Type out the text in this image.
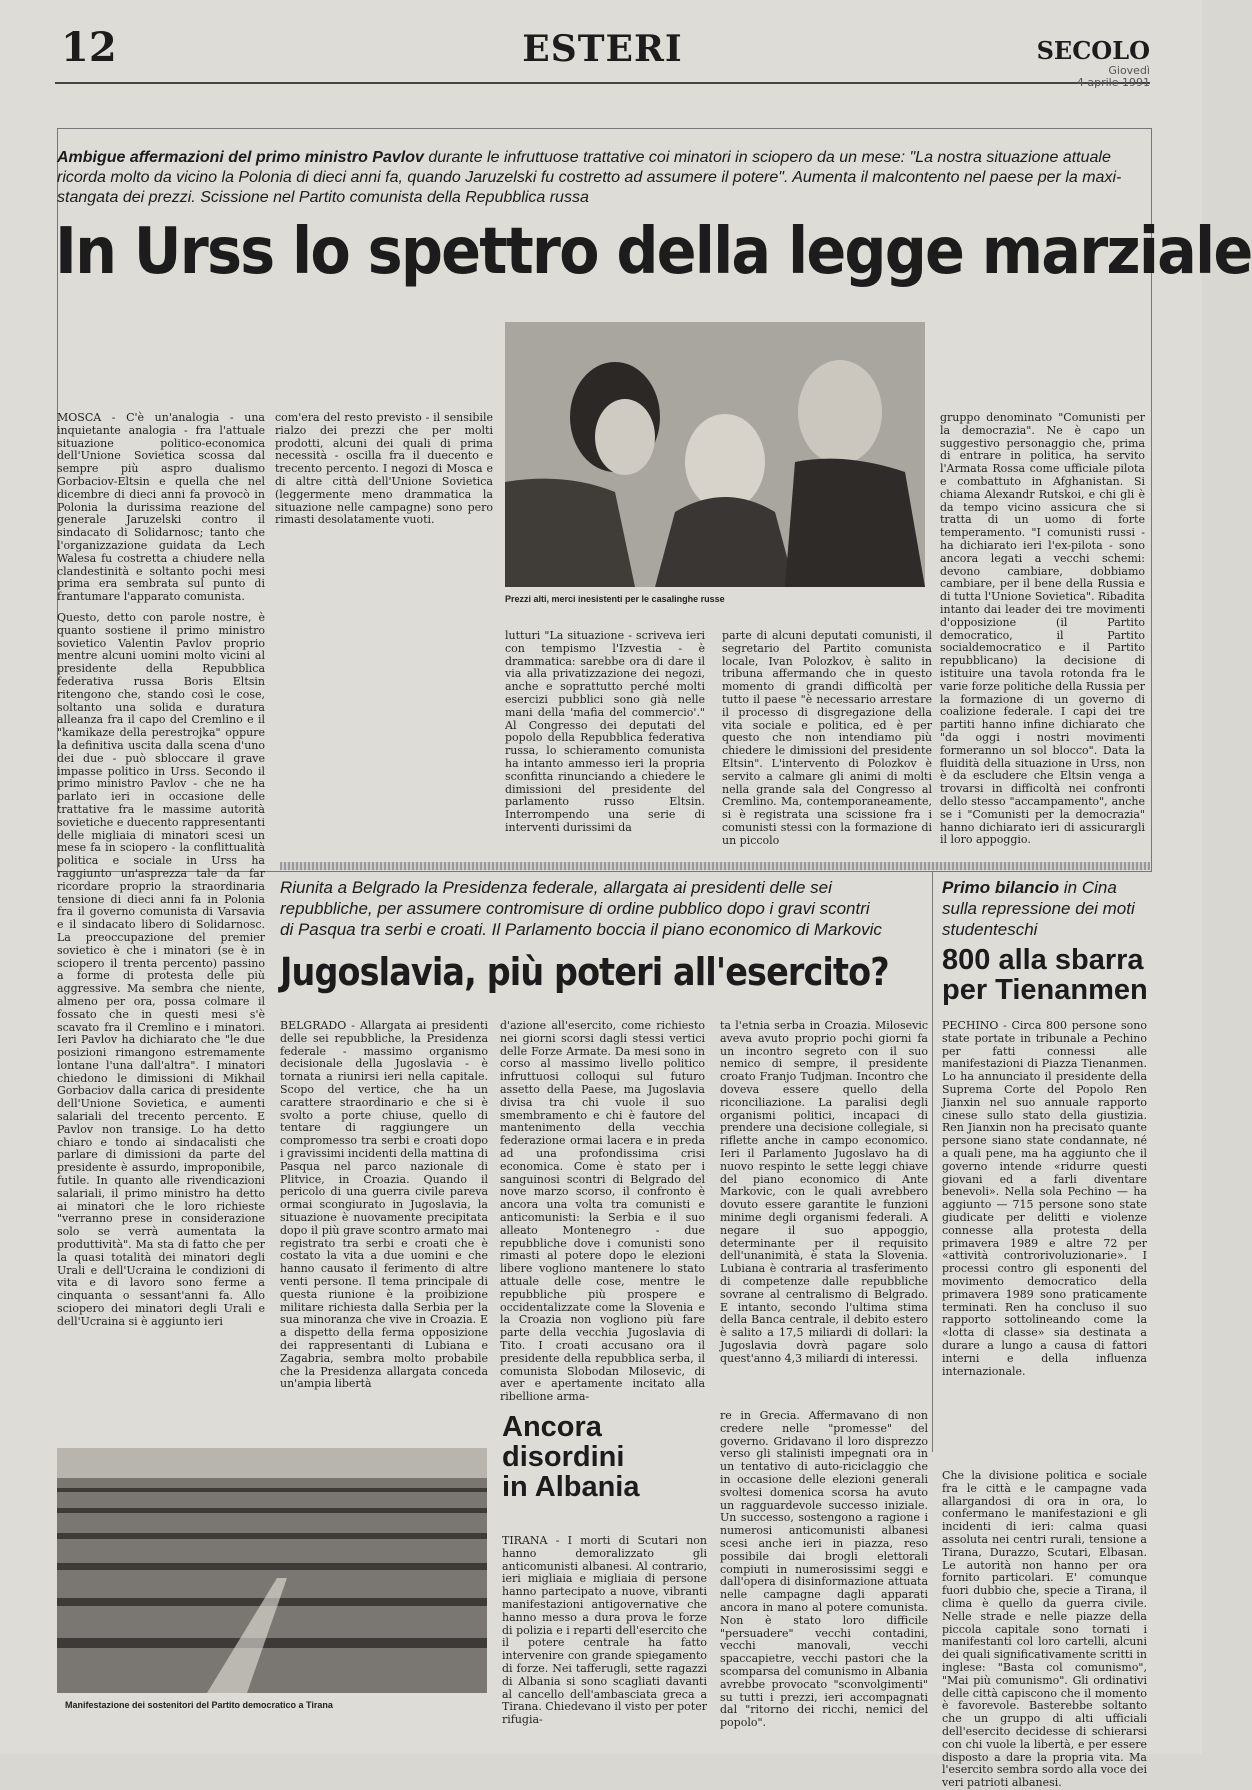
12	ESTERI	SECOLO
Giovedì
4 aprile 1991
Ambigue affermazioni del primo ministro Pavlov durante le infruttuose trattative coi minatori in sciopero da un mese: "La nostra situazione attuale ricorda molto da vicino la Polonia di dieci anni fa, quando Jaruzelski fu costretto ad assumere il potere". Aumenta il malcontento nel paese per la maxi-stangata dei prezzi. Scissione nel Partito comunista della Repubblica russa
In Urss lo spettro della legge marziale
Prezzi alti, merci inesistenti per le casalinghe russe
MOSCA - C'è un'analogia - una inquietante analogia - fra l'attuale situazione politico-economica dell'Unione Sovietica scossa dal sempre più aspro dualismo Gorbaciov-Eltsin e quella che nel dicembre di dieci anni fa provocò in Polonia la durissima reazione del generale Jaruzelski contro il sindacato di Solidarnosc; tanto che l'organizzazione guidata da Lech Walesa fu costretta a chiudere nella clandestinità e soltanto pochi mesi prima era sembrata sul punto di frantumare l'apparato comunista.
com'era del resto previsto - il sensibile rialzo dei prezzi che per molti prodotti, alcuni dei quali di prima necessità - oscilla fra il duecento e trecento percento. I negozi di Mosca e di altre città dell'Unione Sovietica (leggermente meno drammatica la situazione nelle campagne) sono pero rimasti desolatamente vuoti.
lutturi "La situazione - scriveva ieri con tempismo l'Izvestia - è drammatica: sarebbe ora di dare il via alla privatizzazione dei negozi, anche e soprattutto perché molti esercizi pubblici sono già nelle mani della 'mafia del commercio'." Al Congresso dei deputati del popolo della Repubblica federativa russa, lo schieramento comunista ha intanto ammesso ieri la propria sconfitta rinunciando a chiedere le dimissioni del presidente del parlamento russo Eltsin. Interrompendo una serie di interventi durissimi da
parte di alcuni deputati comunisti, il segretario del Partito comunista locale, Ivan Polozkov, è salito in tribuna affermando che in questo momento di grandi difficoltà per tutto il paese "è necessario arrestare il processo di disgregazione della vita sociale e politica, ed è per questo che non intendiamo più chiedere le dimissioni del presidente Eltsin". L'intervento di Polozkov è servito a calmare gli animi di molti nella grande sala del Congresso al Cremlino. Ma, contemporaneamente, si è registrata una scissione fra i comunisti stessi con la formazione di un piccolo
gruppo denominato "Comunisti per la democrazia". Ne è capo un suggestivo personaggio che, prima di entrare in politica, ha servito l'Armata Rossa come ufficiale pilota e combattuto in Afghanistan. Si chiama Alexandr Rutskoi, e chi gli è da tempo vicino assicura che si tratta di un uomo di forte temperamento. "I comunisti russi - ha dichiarato ieri l'ex-pilota - sono ancora legati a vecchi schemi: devono cambiare, dobbiamo cambiare, per il bene della Russia e di tutta l'Unione Sovietica". Ribadita intanto dai leader dei tre movimenti d'opposizione (il Partito democratico, il Partito socialdemocratico e il Partito repubblicano) la decisione di istituire una tavola rotonda fra le varie forze politiche della Russia per la formazione di un governo di coalizione federale. I capi dei tre partiti hanno infine dichiarato che "da oggi i nostri movimenti formeranno un sol blocco". Data la fluidità della situazione in Urss, non è da escludere che Eltsin venga a trovarsi in difficoltà nei confronti dello stesso "accampamento", anche se i "Comunisti per la democrazia" hanno dichiarato ieri di assicurargli il loro appoggio.
Questo, detto con parole nostre, è quanto sostiene il primo ministro sovietico Valentin Pavlov proprio mentre alcuni uomini molto vicini al presidente della Repubblica federativa russa Boris Eltsin ritengono che, stando così le cose, soltanto una solida e duratura alleanza fra il capo del Cremlino e il "kamikaze della perestrojka" oppure la definitiva uscita dalla scena d'uno dei due - può sbloccare il grave impasse politico in Urss. Secondo il primo ministro Pavlov - che ne ha parlato ieri in occasione delle trattative fra le massime autorità sovietiche e duecento rappresentanti delle migliaia di minatori scesi un mese fa in sciopero - la conflittualità politica e sociale in Urss ha raggiunto un'asprezza tale da far ricordare proprio la straordinaria tensione di dieci anni fa in Polonia fra il governo comunista di Varsavia e il sindacato libero di Solidarnosc. La preoccupazione del premier sovietico è che i minatori (se è in sciopero il trenta percento) passino a forme di protesta delle più aggressive. Ma sembra che niente, almeno per ora, possa colmare il fossato che in questi mesi s'è scavato fra il Cremlino e i minatori. Ieri Pavlov ha dichiarato che "le due posizioni rimangono estremamente lontane l'una dall'altra". I minatori chiedono le dimissioni di Mikhail Gorbaciov dalla carica di presidente dell'Unione Sovietica, e aumenti salariali del trecento percento. E Pavlov non transige. Lo ha detto chiaro e tondo ai sindacalisti che parlare di dimissioni da parte del presidente è assurdo, improponibile, futile. In quanto alle rivendicazioni salariali, il primo ministro ha detto ai minatori che le loro richieste "verranno prese in considerazione solo se verrà aumentata la produttività". Ma sta di fatto che per la quasi totalità dei minatori degli Urali e dell'Ucraina le condizioni di vita e di lavoro sono ferme a cinquanta o sessant'anni fa. Allo sciopero dei minatori degli Urali e dell'Ucraina si è aggiunto ieri
Riunita a Belgrado la Presidenza federale, allargata ai presidenti delle sei repubbliche, per assumere contromisure di ordine pubblico dopo i gravi scontri di Pasqua tra serbi e croati. Il Parlamento boccia il piano economico di Markovic
Jugoslavia, più poteri all'esercito?
BELGRADO - Allargata ai presidenti delle sei repubbliche, la Presidenza federale - massimo organismo decisionale della Jugoslavia - è tornata a riunirsi ieri nella capitale. Scopo del vertice, che ha un carattere straordinario e che si è svolto a porte chiuse, quello di tentare di raggiungere un compromesso tra serbi e croati dopo i gravissimi incidenti della mattina di Pasqua nel parco nazionale di Plitvice, in Croazia. Quando il pericolo di una guerra civile pareva ormai scongiurato in Jugoslavia, la situazione è nuovamente precipitata dopo il più grave scontro armato mai registrato tra serbi e croati che è costato la vita a due uomini e che hanno causato il ferimento di altre venti persone. Il tema principale di questa riunione è la proibizione militare richiesta dalla Serbia per la sua minoranza che vive in Croazia. E a dispetto della ferma opposizione dei rappresentanti di Lubiana e Zagabria, sembra molto probabile che la Presidenza allargata conceda un'ampia libertà
d'azione all'esercito, come richiesto nei giorni scorsi dagli stessi vertici delle Forze Armate. Da mesi sono in corso al massimo livello politico infruttuosi colloqui sul futuro assetto della Paese, ma Jugoslavia divisa tra chi vuole il suo smembramento e chi è fautore del mantenimento della vecchia federazione ormai lacera e in preda ad una profondissima crisi economica. Come è stato per i sanguinosi scontri di Belgrado del nove marzo scorso, il confronto è ancora una volta tra comunisti e anticomunisti: la Serbia e il suo alleato Montenegro - due repubbliche dove i comunisti sono rimasti al potere dopo le elezioni libere vogliono mantenere lo stato attuale delle cose, mentre le repubbliche più prospere e occidentalizzate come la Slovenia e la Croazia non vogliono più fare parte della vecchia Jugoslavia di Tito. I croati accusano ora il presidente della repubblica serba, il comunista Slobodan Milosevic, di aver e apertamente incitato alla ribellione arma-
ta l'etnia serba in Croazia. Milosevic aveva avuto proprio pochi giorni fa un incontro segreto con il suo nemico di sempre, il presidente croato Franjo Tudjman. Incontro che doveva essere quello della riconciliazione. La paralisi degli organismi politici, incapaci di prendere una decisione collegiale, si riflette anche in campo economico. Ieri il Parlamento Jugoslavo ha di nuovo respinto le sette leggi chiave del piano economico di Ante Markovic, con le quali avrebbero dovuto essere garantite le funzioni minime degli organismi federali. A negare il suo appoggio, determinante per il requisito dell'unanimità, è stata la Slovenia. Lubiana è contraria al trasferimento di competenze dalle repubbliche sovrane al centralismo di Belgrado. E intanto, secondo l'ultima stima della Banca centrale, il debito estero è salito a 17,5 miliardi di dollari: la Jugoslavia dovrà pagare solo quest'anno 4,3 miliardi di interessi.
Primo bilancio in Cina sulla repressione dei moti studenteschi
800 alla sbarra per Tienanmen
PECHINO - Circa 800 persone sono state portate in tribunale a Pechino per fatti connessi alle manifestazioni di Piazza Tienanmen. Lo ha annunciato il presidente della Suprema Corte del Popolo Ren Jianxin nel suo annuale rapporto cinese sullo stato della giustizia. Ren Jianxin non ha precisato quante persone siano state condannate, né a quali pene, ma ha aggiunto che il governo intende «ridurre questi giovani ed a farli diventare benevoli». Nella sola Pechino — ha aggiunto — 715 persone sono state giudicate per delitti e violenze connesse alla protesta della primavera 1989 e altre 72 per «attività controrivoluzionarie». I processi contro gli esponenti del movimento democratico della primavera 1989 sono praticamente terminati. Ren ha concluso il suo rapporto sottolineando come la «lotta di classe» sia destinata a durare a lungo a causa di fattori interni e della influenza internazionale.
Manifestazione dei sostenitori del Partito democratico a Tirana
Ancora
disordini
in Albania
TIRANA - I morti di Scutari non hanno demoralizzato gli anticomunisti albanesi. Al contrario, ieri migliaia e migliaia di persone hanno partecipato a nuove, vibranti manifestazioni antigovernative che hanno messo a dura prova le forze di polizia e i reparti dell'esercito che il potere centrale ha fatto intervenire con grande spiegamento di forze. Nei tafferugli, sette ragazzi di Albania si sono scagliati davanti al cancello dell'ambasciata greca a Tirana. Chiedevano il visto per poter rifugia-
re in Grecia. Affermavano di non credere nelle "promesse" del governo. Gridavano il loro disprezzo verso gli stalinisti impegnati ora in un tentativo di auto-riciclaggio che in occasione delle elezioni generali svoltesi domenica scorsa ha avuto un ragguardevole successo iniziale. Un successo, sostengono a ragione i numerosi anticomunisti albanesi scesi anche ieri in piazza, reso possibile dai brogli elettorali compiuti in numerosissimi seggi e dall'opera di disinformazione attuata nelle campagne dagli apparati ancora in mano al potere comunista. Non è stato loro difficile "persuadere" vecchi contadini, vecchi manovali, vecchi spaccapietre, vecchi pastori che la scomparsa del comunismo in Albania avrebbe provocato "sconvolgimenti" su tutti i prezzi, ieri accompagnati dal "ritorno dei ricchi, nemici del popolo".
Che la divisione politica e sociale fra le città e le campagne vada allargandosi di ora in ora, lo confermano le manifestazioni e gli incidenti di ieri: calma quasi assoluta nei centri rurali, tensione a Tirana, Durazzo, Scutari, Elbasan. Le autorità non hanno per ora fornito particolari. E' comunque fuori dubbio che, specie a Tirana, il clima è quello da guerra civile. Nelle strade e nelle piazze della piccola capitale sono tornati i manifestanti col loro cartelli, alcuni dei quali significativamente scritti in inglese: "Basta col comunismo", "Mai più comunismo". Gli ordinativi delle città capiscono che il momento è favorevole. Basterebbe soltanto che un gruppo di alti ufficiali dell'esercito decidesse di schierarsi con chi vuole la libertà, e per essere disposto a dare la propria vita. Ma l'esercito sembra sordo alla voce dei veri patrioti albanesi.
